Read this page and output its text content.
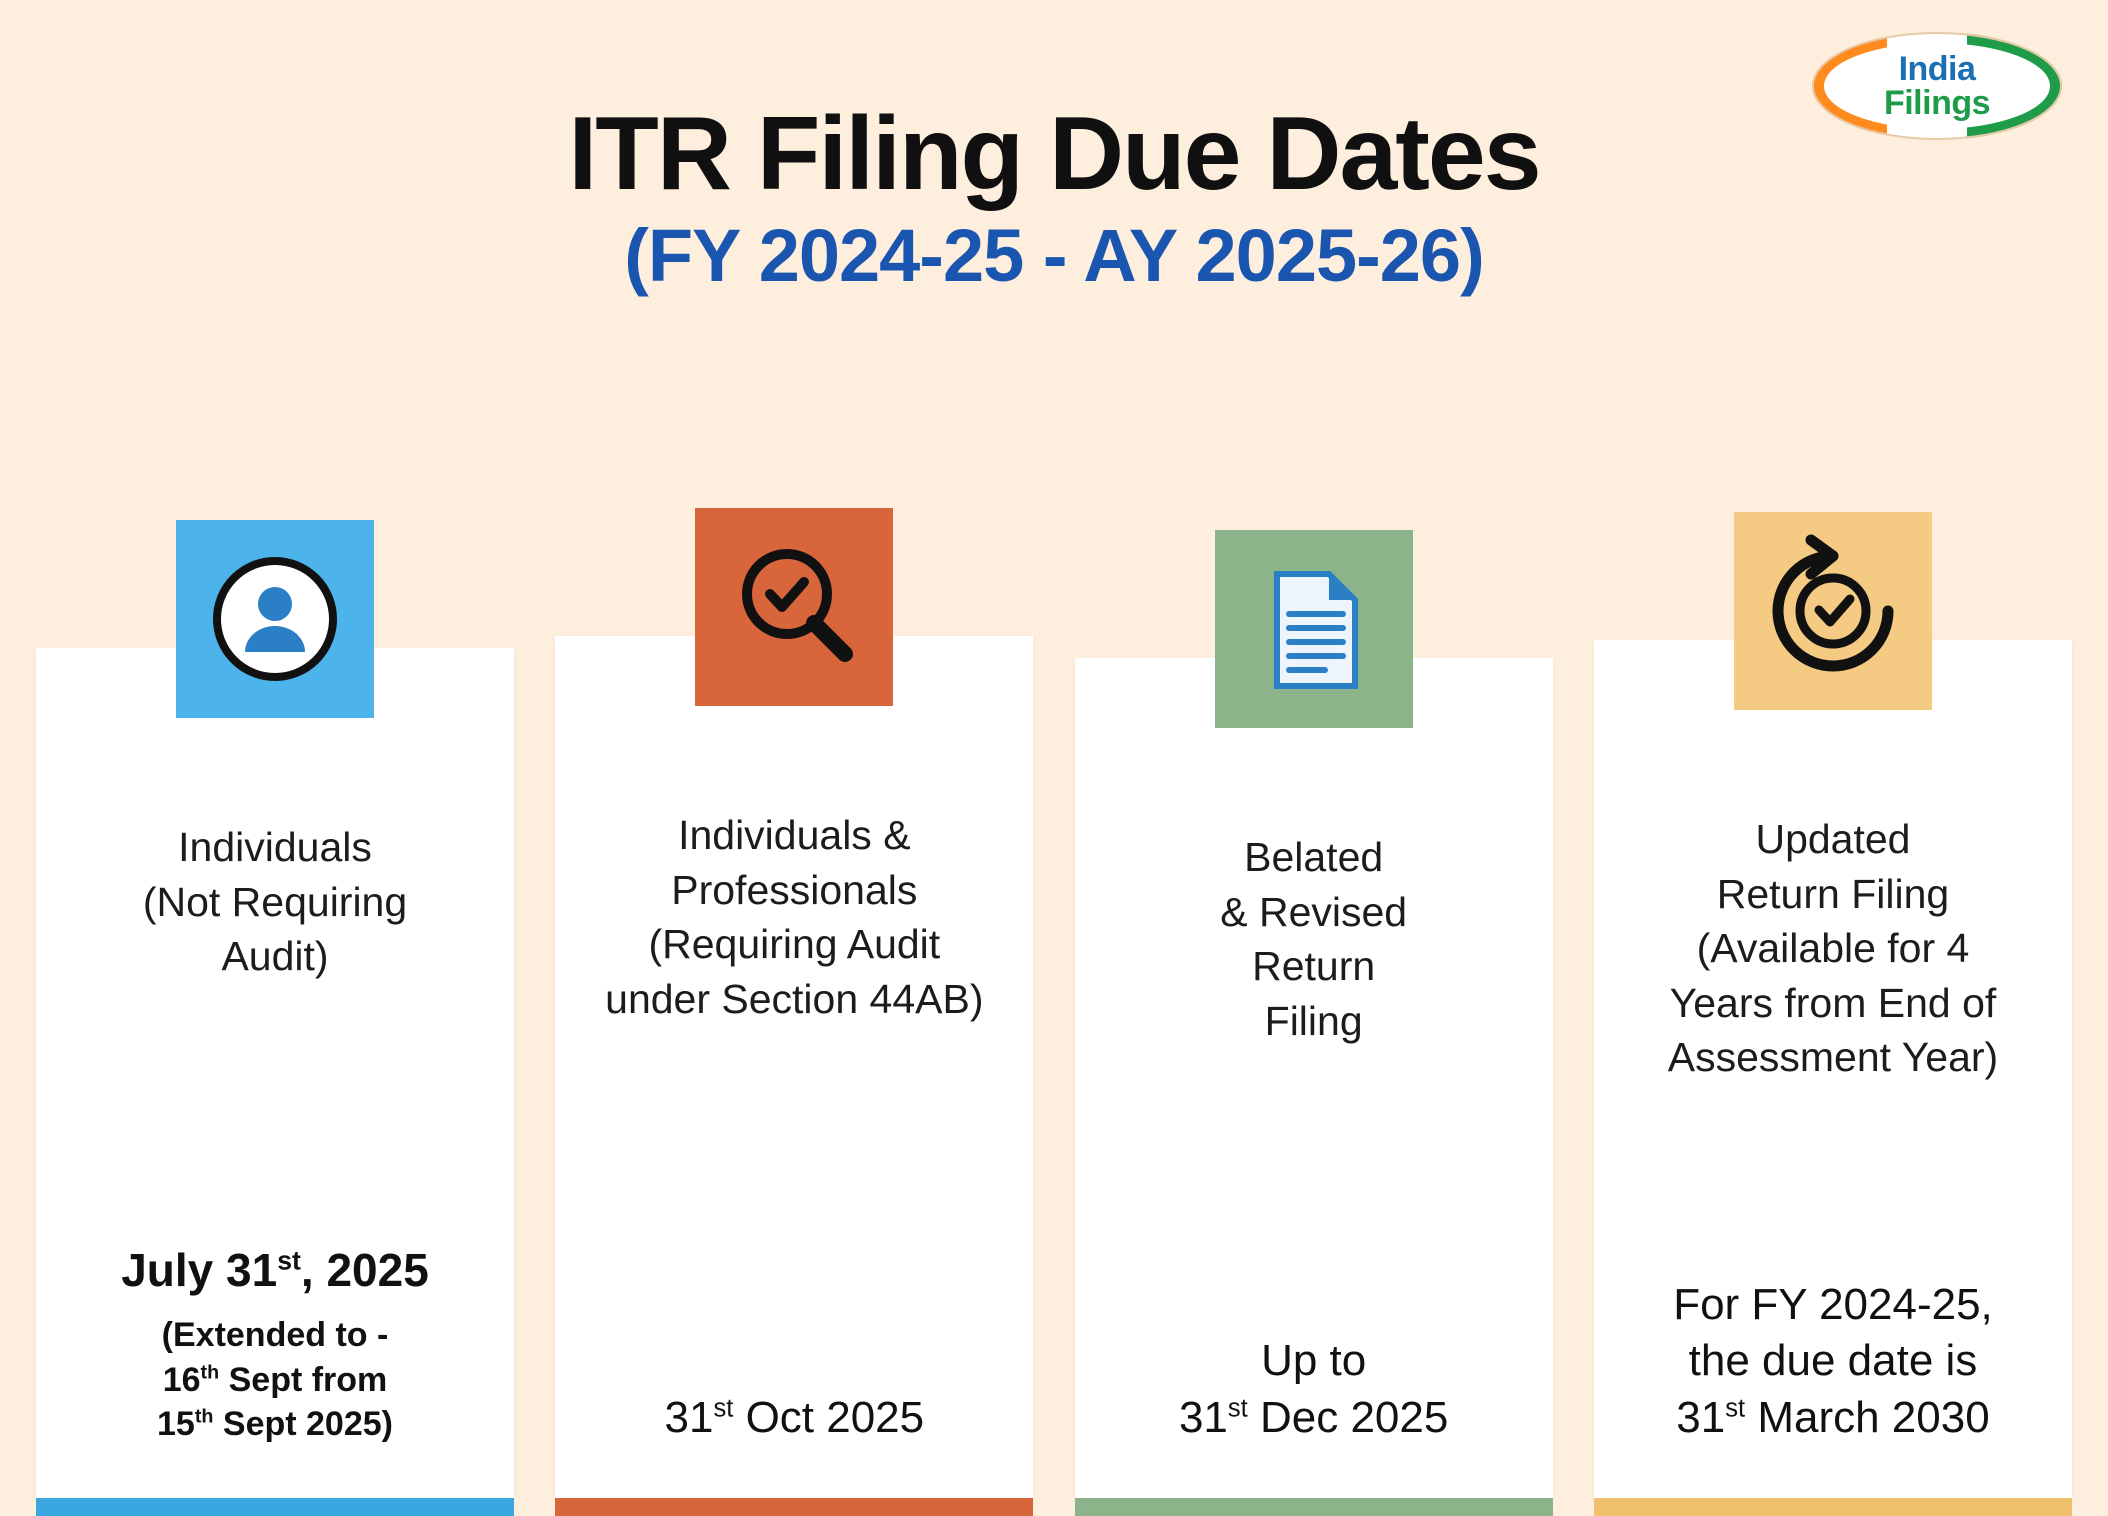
India
Filings
ITR Filing Due Dates
(FY 2024-25 - AY 2025-26)
Individuals
(Not Requiring
Audit)
July 31st, 2025
(Extended to -
16th Sept from
15th Sept 2025)
Individuals &
Professionals
(Requiring Audit
under Section 44AB)
31st Oct 2025
Belated
& Revised
Return
Filing
Up to
31st Dec 2025
Updated
Return Filing
(Available for 4
Years from End of
Assessment Year)
For FY 2024-25,
the due date is
31st March 2030
